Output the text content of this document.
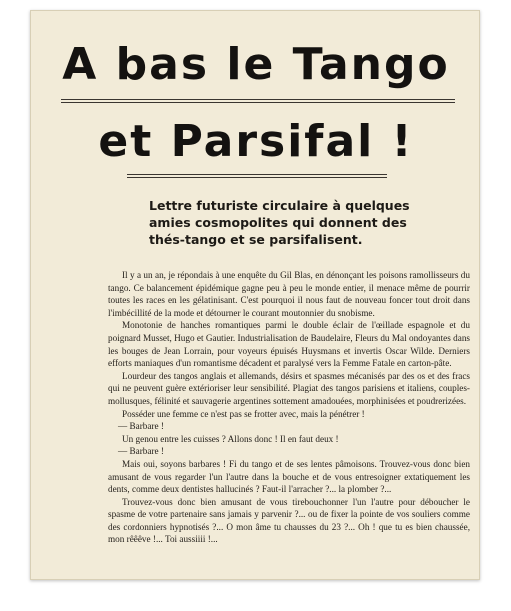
A bas le Tango
et Parsifal !
Lettre futuriste circulaire à quelques
amies cosmopolites qui donnent des
thés-tango et se parsifalisent.

Il y a un an, je répondais à une enquête du Gil Blas, en dénonçant les poisons ramollisseurs du tango. Ce balancement épidémique gagne peu à peu le monde entier, il menace même de pourrir toutes les races en les gélatinisant. C'est pourquoi il nous faut de nouveau foncer tout droit dans l'imbécillité de la mode et détourner le courant moutonnier du snobisme.

Monotonie de hanches romantiques parmi le double éclair de l'œillade espagnole et du poignard Musset, Hugo et Gautier. Industrialisation de Baudelaire, Fleurs du Mal ondoyantes dans les bouges de Jean Lorrain, pour voyeurs épuisés Huysmans et invertis Oscar Wilde. Derniers efforts maniaques d'un romantisme décadent et paralysé vers la Femme Fatale en carton-pâte.

Lourdeur des tangos anglais et allemands, désirs et spasmes mécanisés par des os et des fracs qui ne peuvent guère extérioriser leur sensibilité. Plagiat des tangos parisiens et italiens, couples-mollusques, félinité et sauvagerie argentines sottement amadouées, morphinisées et poudrerizées.

Posséder une femme ce n'est pas se frotter avec, mais la pénétrer !

— Barbare !

Un genou entre les cuisses ? Allons donc ! Il en faut deux !

— Barbare !

Mais oui, soyons barbares ! Fi du tango et de ses lentes pâmoisons. Trouvez-vous donc bien amusant de vous regarder l'un l'autre dans la bouche et de vous entresoigner extatiquement les dents, comme deux dentistes hallucinés ? Faut-il l'arracher ?... la plomber ?...

Trouvez-vous donc bien amusant de vous tirebouchonner l'un l'autre pour déboucher le spasme de votre partenaire sans jamais y parvenir ?... ou de fixer la pointe de vos souliers comme des cordonniers hypnotisés ?... O mon âme tu chausses du 23 ?... Oh ! que tu es bien chaussée, mon rêêêve !... Toi aussiiii !...
